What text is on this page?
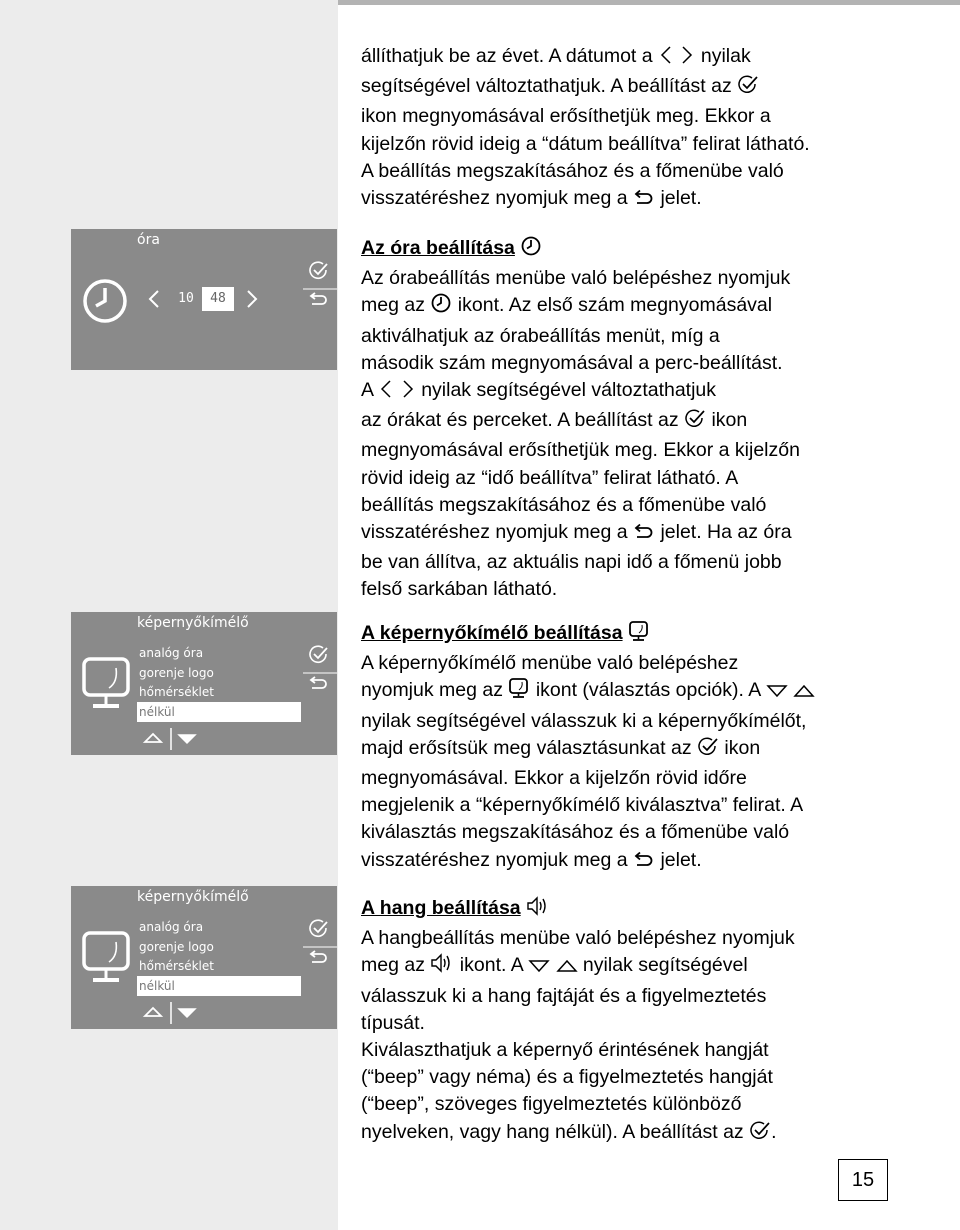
óra
10	48
képernyőkímélő
analóg óra
gorenje logo
hőmérséklet
nélkül
képernyőkímélő
analóg óra
gorenje logo
hőmérséklet
nélkül
állíthatjuk be az évet. A dátumot a   nyilak
segítségével változtathatjuk. A beállítást az
ikon megnyomásával erősíthetjük meg. Ekkor a
kijelzőn rövid ideig a “dátum beállítva” felirat látható.
A beállítás megszakításához és a főmenübe való
visszatéréshez nyomjuk meg a  jelet.
Az óra beállítása
Az órabeállítás menübe való belépéshez nyomjuk
meg az  ikont. Az első szám megnyomásával
aktiválhatjuk az órabeállítás menüt, míg a
második szám megnyomásával a perc-beállítást.
A   nyilak segítségével változtathatjuk
az órákat és perceket. A beállítást az  ikon
megnyomásával erősíthetjük meg. Ekkor a kijelzőn
rövid ideig az “idő beállítva” felirat látható. A
beállítás megszakításához és a főmenübe való
visszatéréshez nyomjuk meg a  jelet. Ha az óra
be van állítva, az aktuális napi idő a főmenü jobb
felső sarkában látható.
A képernyőkímélő beállítása
A képernyőkímélő menübe való belépéshez
nyomjuk meg az  ikont (választás opciók). A
nyilak segítségével válasszuk ki a képernyőkímélőt,
majd erősítsük meg választásunkat az  ikon
megnyomásával. Ekkor a kijelzőn rövid időre
megjelenik a “képernyőkímélő kiválasztva” felirat. A
kiválasztás megszakításához és a főmenübe való
visszatéréshez nyomjuk meg a  jelet.
A hang beállítása
A hangbeállítás menübe való belépéshez nyomjuk
meg az  ikont. A	nyilak segítségével
válasszuk ki a hang fajtáját és a figyelmeztetés
típusát.
Kiválaszthatjuk a képernyő érintésének hangját
(“beep” vagy néma) és a figyelmeztetés hangját
(“beep”, szöveges figyelmeztetés különböző
nyelveken, vagy hang nélkül). A beállítást az .
15
